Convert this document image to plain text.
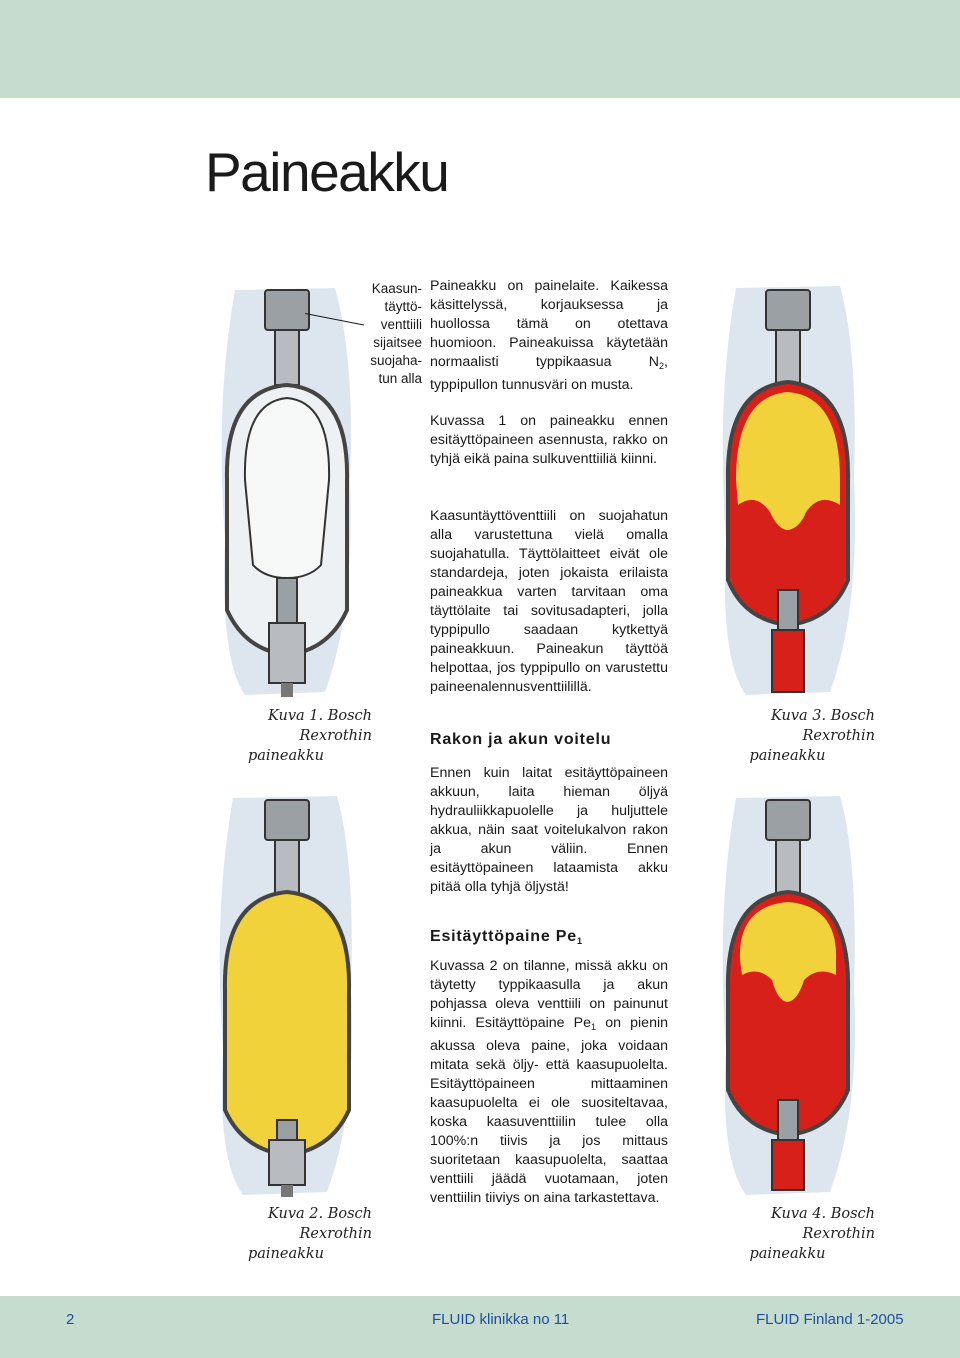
Paineakku
Kaasun-
täyttö-
venttiili
sijaitsee
suojaha-
tun alla
Kuva 1. Bosch Rexrothin
paineakku
Kuva 2. Bosch Rexrothin
paineakku
Kuva 3. Bosch Rexrothin
paineakku
Kuva 4. Bosch Rexrothin
paineakku

Paineakku on painelaite. Kaikessa käsittelyssä, korjauksessa ja huollossa tämä on otettava huomioon. Paineakuissa käytetään normaalisti typpikaasua $N_2$, typpipullon tunnusväri on musta.

Kuvassa 1 on paineakku ennen esitäyttöpaineen asennusta, rakko on tyhjä eikä paina sulkuventtiiliä kiinni.

Kaasuntäyttöventtiili on suojahatun alla varustettuna vielä omalla suojahatulla. Täyttölaitteet eivät ole standardeja, joten jokaista erilaista paineakkua varten tarvitaan oma täyttölaite tai sovitusadapteri, jolla typpipullo saadaan kytkettyä paineakkuun. Paineakun täyttöä helpottaa, jos typpipullo on varustettu paineenalennusventtiilillä.

Rakon ja akun voitelu

Ennen kuin laitat esitäyttöpaineen akkuun, laita hieman öljyä hydrauliikkapuolelle ja huljuttele akkua, näin saat voitelukalvon rakon ja akun väliin. Ennen esitäyttöpaineen lataamista akku pitää olla tyhjä öljystä!

Esitäyttöpaine $Pe_1$

Kuvassa 2 on tilanne, missä akku on täytetty typpikaasulla ja akun pohjassa oleva venttiili on painunut kiinni. Esitäyttöpaine $Pe_1$ on pienin akussa oleva paine, joka voidaan mitata sekä öljy- että kaasupuolelta. Esitäyttöpaineen mittaaminen kaasupuolelta ei ole suositeltavaa, koska kaasuventtiilin tulee olla 100%:n tiivis ja jos mittaus suoritetaan kaasupuolelta, saattaa venttiili jäädä vuotamaan, joten venttiilin tiiviys on aina tarkastettava.

2	FLUID klinikka no 11	FLUID Finland 1-2005
